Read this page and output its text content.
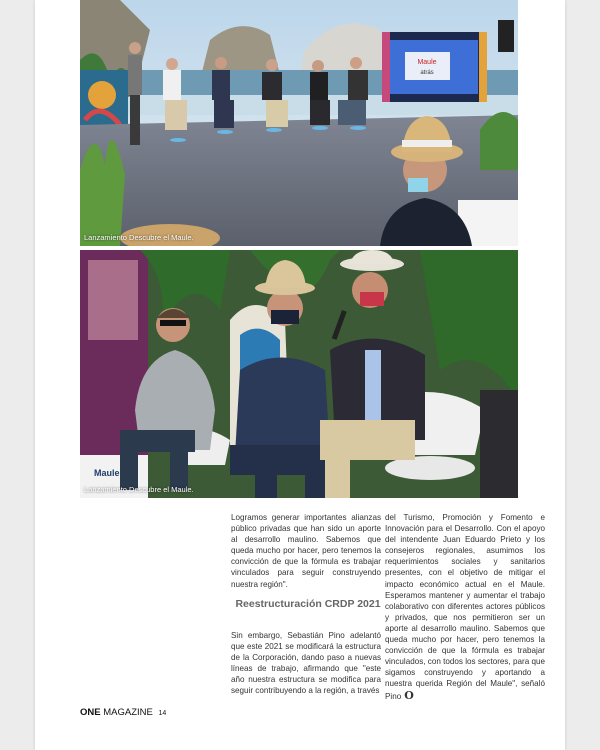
Maule
atrás
Lanzamiento Descubre el Maule.
Maule
Lanzamiento Descubre el Maule.

Logramos generar importantes alianzas público privadas que han sido un aporte al desarrollo maulino. Sabemos que queda mucho por hacer, pero tenemos la convicción de que la fórmula es trabajar vinculados para seguir construyendo nuestra región".

Reestructuración CRDP 2021

Sin embargo, Sebastián Pino adelantó que este 2021 se modificará la estructura de la Corporación, dando paso a nuevas líneas de trabajo, afirmando que "este año nuestra estructura se modifica para seguir contribuyendo a la región, a través

del Turismo, Promoción y Fomento e Innovación para el Desarrollo. Con el apoyo del intendente Juan Eduardo Prieto y los consejeros regionales, asumimos los requerimientos sociales y sanitarios presentes, con el objetivo de mitigar el impacto económico actual en el Maule. Esperamos mantener y aumentar el trabajo colaborativo con diferentes actores públicos y privados, que nos permitieron ser un aporte al desarrollo maulino. Sabemos que queda mucho por hacer, pero tenemos la convicción de que la fórmula es trabajar vinculados, con todos los sectores, para que sigamos construyendo y aportando a nuestra querida Región del Maule", señaló Pino O

ONE MAGAZINE 14
